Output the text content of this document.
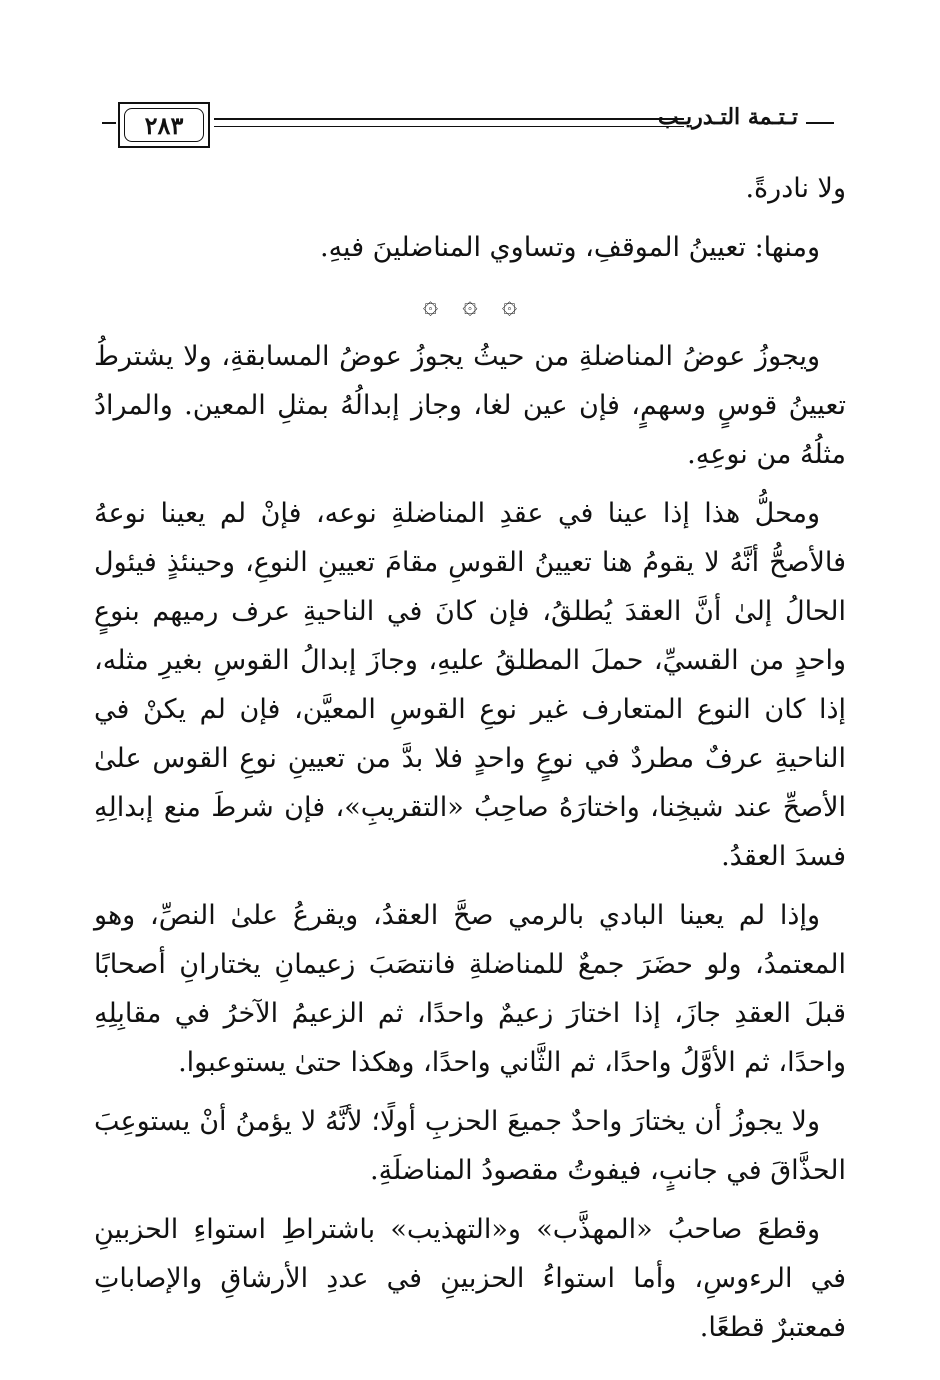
٢٨٣	تـتـمة التـدريـب

ولا نادرةً.

ومنها: تعيينُ الموقفِ، وتساوي المناضلينَ فيهِ.

۞ ۞ ۞

ويجوزُ عوضُ المناضلةِ من حيثُ يجوزُ عوضُ المسابقةِ، ولا يشترطُ تعيينُ قوسٍ وسهمٍ، فإن عين لغا، وجاز إبدالُهُ بمثلِ المعين. والمرادُ مثلُهُ من نوعِهِ.

ومحلُّ هذا إذا عينا في عقدِ المناضلةِ نوعه، فإنْ لم يعينا نوعهُ فالأصحُّ أنَّهُ لا يقومُ هنا تعيينُ القوسِ مقامَ تعيينِ النوعِ، وحينئذٍ فيئول الحالُ إلىٰ أنَّ العقدَ يُطلقُ، فإن كانَ في الناحيةِ عرف رميهم بنوعٍ واحدٍ من القسيِّ، حملَ المطلقُ عليهِ، وجازَ إبدالُ القوسِ بغيرِ مثله، إذا كان النوع المتعارف غير نوعِ القوسِ المعيَّن، فإن لم يكنْ في الناحيةِ عرفٌ مطردٌ في نوعٍ واحدٍ فلا بدَّ من تعيينِ نوعِ القوس علىٰ الأصحِّ عند شيخِنا، واختارَهُ صاحِبُ «التقريبِ»، فإن شرطَ منع إبدالِهِ فسدَ العقدُ.

وإذا لم يعينا البادي بالرمي صحَّ العقدُ، ويقرعُ علىٰ النصِّ، وهو المعتمدُ، ولو حضَرَ جمعٌ للمناضلةِ فانتصَبَ زعيمانِ يختارانِ أصحابًا قبلَ العقدِ جازَ، إذا اختارَ زعيمٌ واحدًا، ثم الزعيمُ الآخرُ في مقابِلِهِ واحدًا، ثم الأوَّلُ واحدًا، ثم الثَّاني واحدًا، وهكذا حتىٰ يستوعبوا.

ولا يجوزُ أن يختارَ واحدٌ جميعَ الحزبِ أولًا؛ لأنَّهُ لا يؤمنُ أنْ يستوعِبَ الحذَّاقَ في جانبٍ، فيفوتُ مقصودُ المناضلَةِ.

وقطعَ صاحبُ «المهذَّب» و«التهذيب» باشتراطِ استواءِ الحزبينِ في الرءوسِ، وأما استواءُ الحزبينِ في عددِ الأرشاقِ والإصاباتِ فمعتبرٌ قطعًا.
